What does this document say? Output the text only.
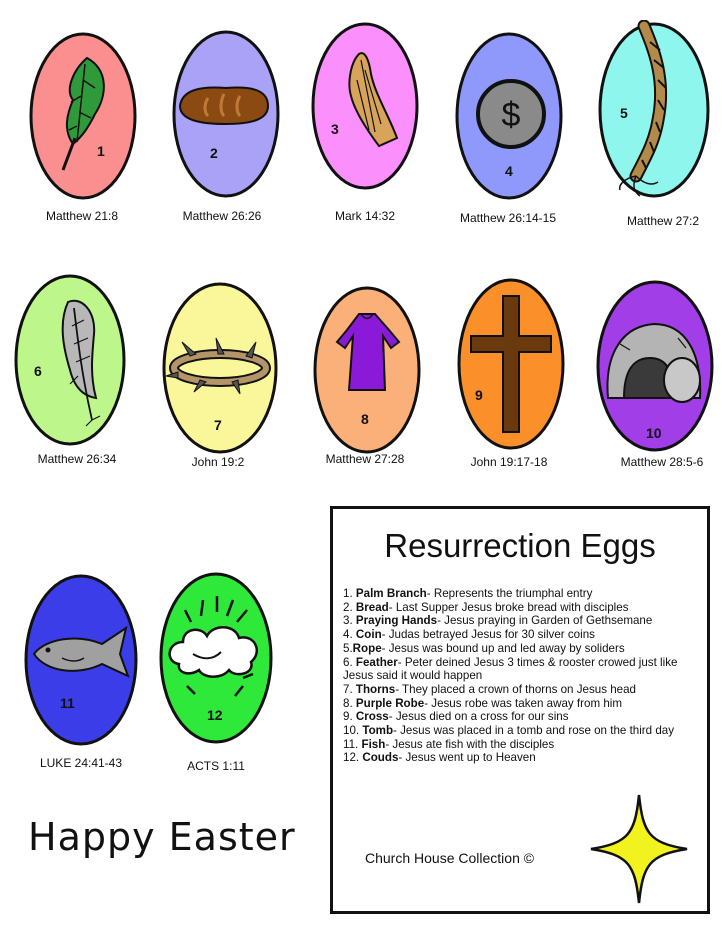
1
Matthew 21:8
2
Matthew 26:26
3
Mark 14:32
$
4
Matthew 26:14-15
5
Matthew 27:2
6
Matthew 26:34
7
John 19:2
8
Matthew 27:28
9
John 19:17-18
10
Matthew 28:5-6
11
LUKE 24:41-43
12
ACTS 1:11
Happy Easter
Resurrection Eggs
1. Palm Branch- Represents the triumphal entry
2. Bread- Last Supper Jesus broke bread with disciples
3. Praying Hands- Jesus praying in Garden of Gethsemane
4. Coin- Judas betrayed Jesus for 30 silver coins
5.Rope- Jesus was bound up and led away by soliders
6. Feather- Peter deined Jesus 3 times & rooster crowed just like Jesus said it would happen
7. Thorns- They placed a crown of thorns on Jesus head
8. Purple Robe- Jesus robe was taken away from him
9. Cross- Jesus died on a cross for our sins
10. Tomb- Jesus was placed in a tomb and rose on the third day
11. Fish- Jesus ate fish with the disciples
12. Couds- Jesus went up to Heaven
Church House Collection ©
